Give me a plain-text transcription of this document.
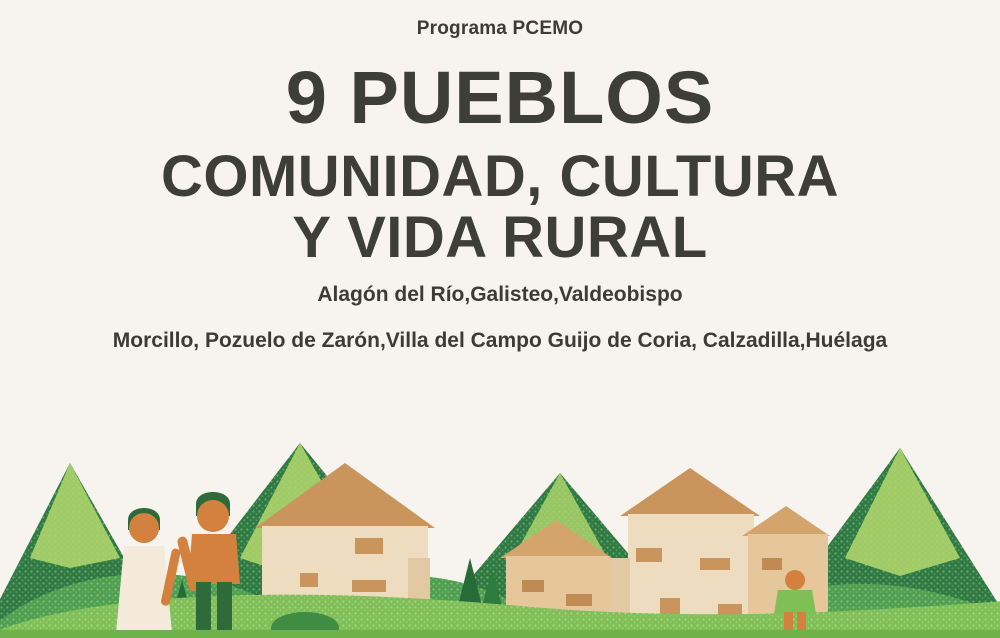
Programa PCEMO
9 PUEBLOS
COMUNIDAD, CULTURA
Y VIDA RURAL
Alagón del Río,Galisteo,Valdeobispo
Morcillo, Pozuelo de Zarón,Villa del Campo Guijo de Coria, Calzadilla,Huélaga
